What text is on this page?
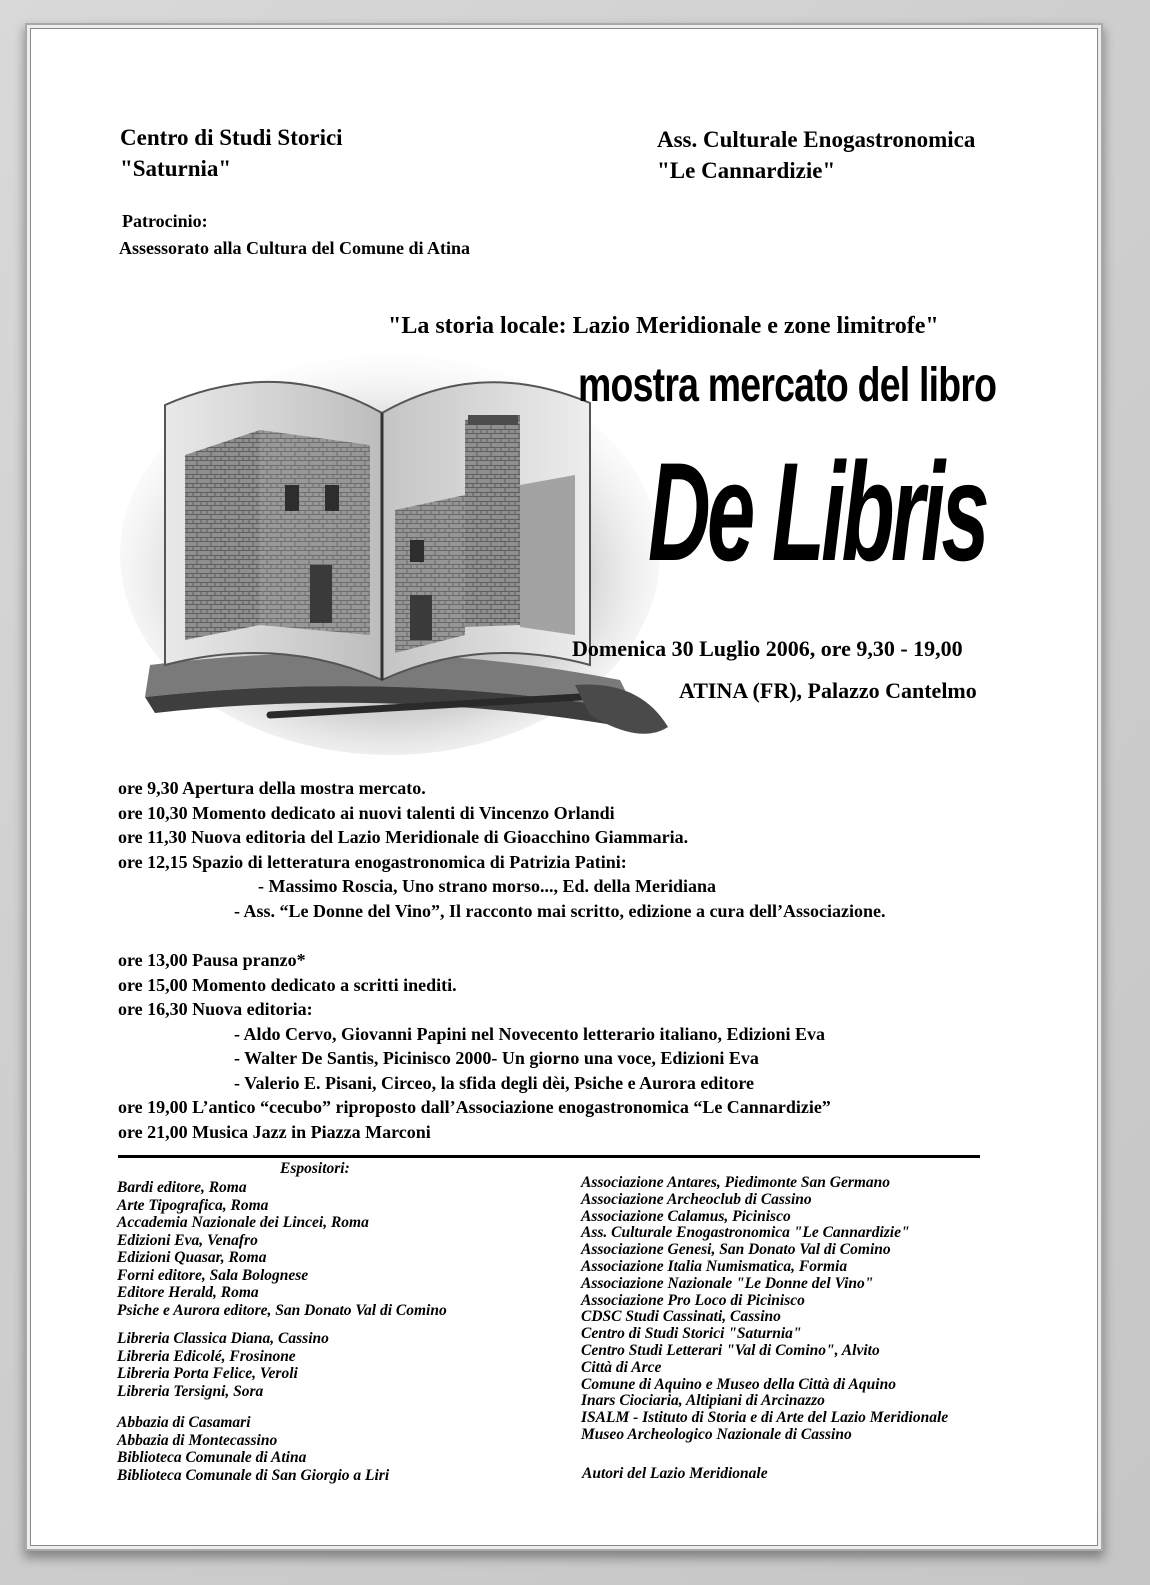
Centro di Studi Storici
"Saturnia"
Ass. Culturale Enogastronomica
"Le Cannardizie"
Patrocinio:
Assessorato alla Cultura del Comune di Atina
"La storia locale: Lazio Meridionale e zone limitrofe"
mostra mercato del libro
De Libris
Domenica 30 Luglio 2006, ore 9,30 - 19,00
ATINA (FR), Palazzo Cantelmo
ore 9,30 Apertura della mostra mercato.
ore 10,30 Momento dedicato ai nuovi talenti di Vincenzo Orlandi
ore 11,30 Nuova editoria del Lazio Meridionale di Gioacchino Giammaria.
ore 12,15 Spazio di letteratura enogastronomica di Patrizia Patini:
- Massimo Roscia, Uno strano morso..., Ed. della Meridiana
- Ass. “Le Donne del Vino”, Il racconto mai scritto, edizione a cura dell’Associazione.
ore 13,00 Pausa pranzo*
ore 15,00 Momento dedicato a scritti inediti.
ore 16,30 Nuova editoria:
- Aldo Cervo, Giovanni Papini nel Novecento letterario italiano, Edizioni Eva
- Walter De Santis, Picinisco 2000- Un giorno una voce, Edizioni Eva
- Valerio E. Pisani, Circeo, la sfida degli dèi, Psiche e Aurora editore
ore 19,00 L’antico “cecubo” riproposto dall’Associazione enogastronomica “Le Cannardizie”
ore 21,00 Musica Jazz in Piazza Marconi
Espositori:
Bardi editore, Roma
Arte Tipografica, Roma
Accademia Nazionale dei Lincei, Roma
Edizioni Eva, Venafro
Edizioni Quasar, Roma
Forni editore, Sala Bolognese
Editore Herald, Roma
Psiche e Aurora editore, San Donato Val di Comino
Libreria Classica Diana, Cassino
Libreria Edicolé, Frosinone
Libreria Porta Felice, Veroli
Libreria Tersigni, Sora
Abbazia di Casamari
Abbazia di Montecassino
Biblioteca Comunale di Atina
Biblioteca Comunale di San Giorgio a Liri
Associazione Antares, Piedimonte San Germano
Associazione Archeoclub di Cassino
Associazione Calamus, Picinisco
Ass. Culturale Enogastronomica "Le Cannardizie"
Associazione Genesi, San Donato Val di Comino
Associazione Italia Numismatica, Formia
Associazione Nazionale "Le Donne del Vino"
Associazione Pro Loco di Picinisco
CDSC Studi Cassinati, Cassino
Centro di Studi Storici "Saturnia"
Centro Studi Letterari "Val di Comino", Alvito
Città di Arce
Comune di Aquino e Museo della Città di Aquino
Inars Ciociaria, Altipiani di Arcinazzo
ISALM - Istituto di Storia e di Arte del Lazio Meridionale
Museo Archeologico Nazionale di Cassino
Autori del Lazio Meridionale
